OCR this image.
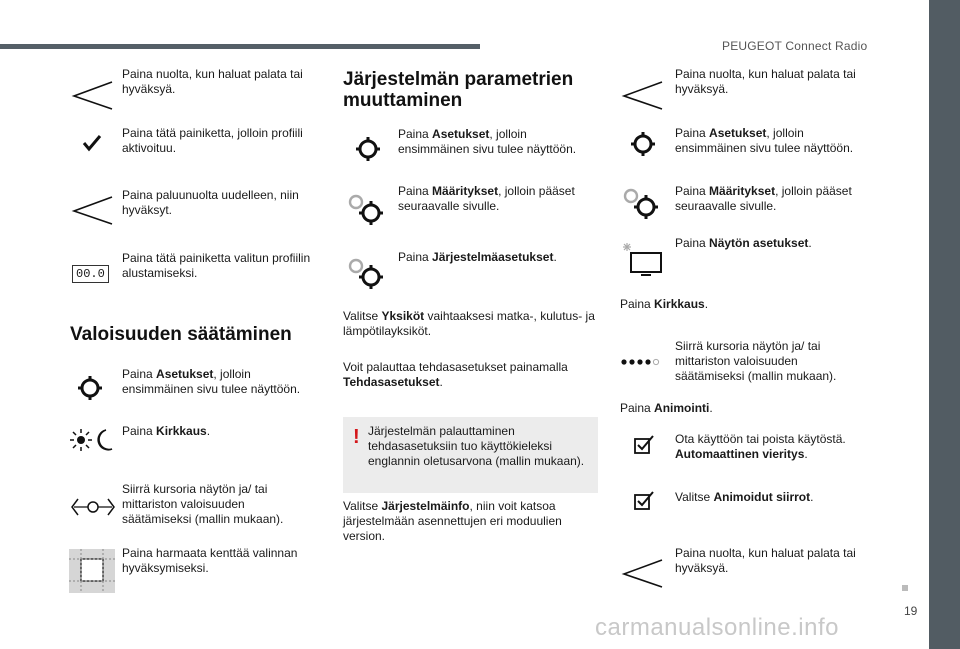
PEUGEOT Connect Radio
19
carmanualsonline.info
Paina nuolta, kun haluat palata tai hyväksyä.
Paina tätä painiketta, jolloin profiili aktivoituu.
Paina paluunuolta uudelleen, niin hyväksyt.
00.0
Paina tätä painiketta valitun profiilin alustamiseksi.
Valoisuuden säätäminen
Paina Asetukset, jolloin ensimmäinen sivu tulee näyttöön.
Paina Kirkkaus.
Siirrä kursoria näytön ja/ tai mittariston valoisuuden säätämiseksi (mallin mukaan).
Paina harmaata kenttää valinnan hyväksymiseksi.
Järjestelmän parametrien muuttaminen
Paina Asetukset, jolloin ensimmäinen sivu tulee näyttöön.
Paina Määritykset, jolloin pääset seuraavalle sivulle.
Paina Järjestelmäasetukset.
Valitse Yksiköt vaihtaaksesi matka-, kulutus- ja lämpötilayksiköt.
Voit palauttaa tehdasasetukset painamalla Tehdasasetukset.
! Järjestelmän palauttaminen tehdasasetuksiin tuo käyttökieleksi englannin oletusarvona (mallin mukaan).
Valitse Järjestelmäinfo, niin voit katsoa järjestelmään asennettujen eri moduulien version.
Paina nuolta, kun haluat palata tai hyväksyä.
Paina Asetukset, jolloin ensimmäinen sivu tulee näyttöön.
Paina Määritykset, jolloin pääset seuraavalle sivulle.
Paina Näytön asetukset.
Paina Kirkkaus.
Siirrä kursoria näytön ja/ tai mittariston valoisuuden säätämiseksi (mallin mukaan).
Paina Animointi.
Ota käyttöön tai poista käytöstä. Automaattinen vieritys.
Valitse Animoidut siirrot.
Paina nuolta, kun haluat palata tai hyväksyä.
